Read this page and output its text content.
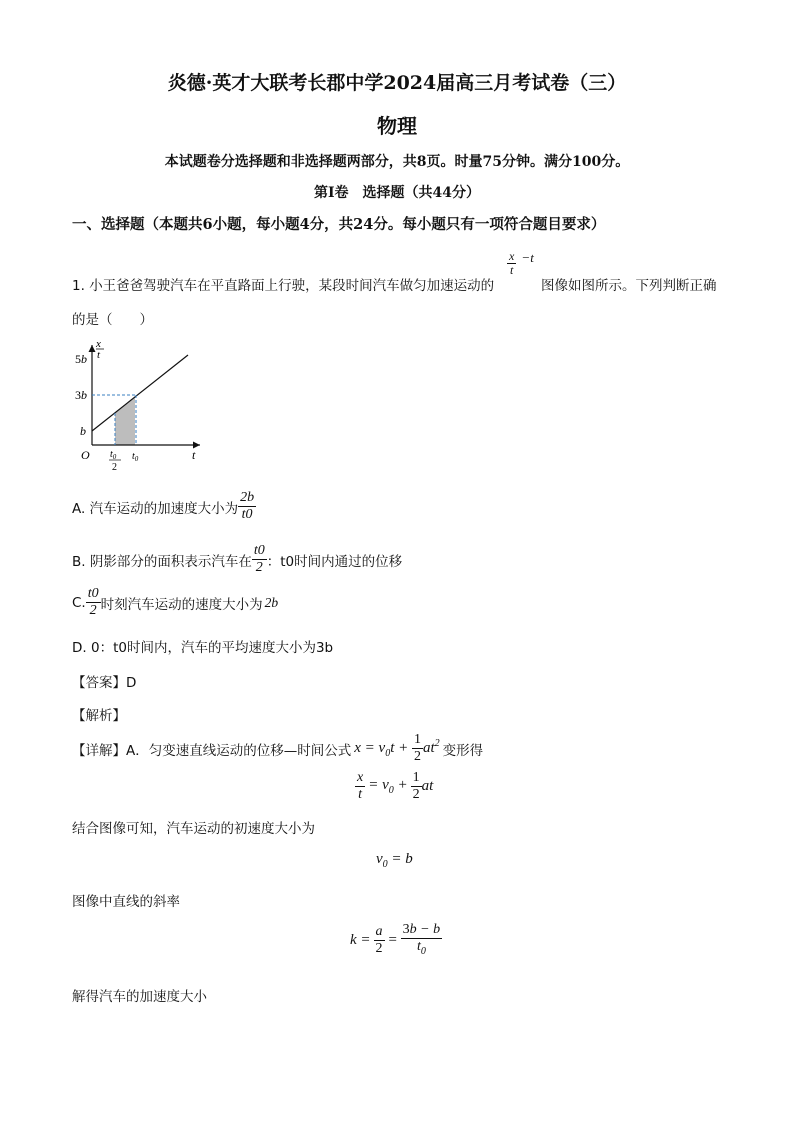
炎德·英才大联考长郡中学2024届高三月考试卷（三）
物理
本试题卷分选择题和非选择题两部分，共8页。时量75分钟。满分100分。
第Ⅰ卷　选择题（共44分）
一、选择题（本题共6小题，每小题4分，共24分。每小题只有一项符合题目要求）
$\frac{x}{t} ^{-t}$
1. 小王爸爸驾驶汽车在平直路面上行驶，某段时间汽车做匀加速运动的	图像如图所示。下列判断正确
的是（　　）
x
t
5b
3b
b
O $t_0$
2
$t_0$	t
A. 汽车运动的加速度大小为 $\frac{2b}{t0}$
B. 阴影部分的面积表示汽车在 $\frac{t0}{2}$ ： t0时间内通过的位移
C. $\frac{t0}{2}$ 时刻汽车运动的速度大小为 2b
D. 0：t0时间内，汽车的平均速度大小为3b
【答案】D
【解析】
【详解】A．匀变速直线运动的位移—时间公式 $x = v_0t + \frac{1}{2} at^2$ 变形得
$\frac{x}{t} = v_0 + \frac{1}{2}$ at
结合图像可知，汽车运动的初速度大小为
$v_0 = b$
图像中直线的斜率
$k = \frac{a}{2} = \frac{3b - b}{t_0}$
解得汽车的加速度大小
